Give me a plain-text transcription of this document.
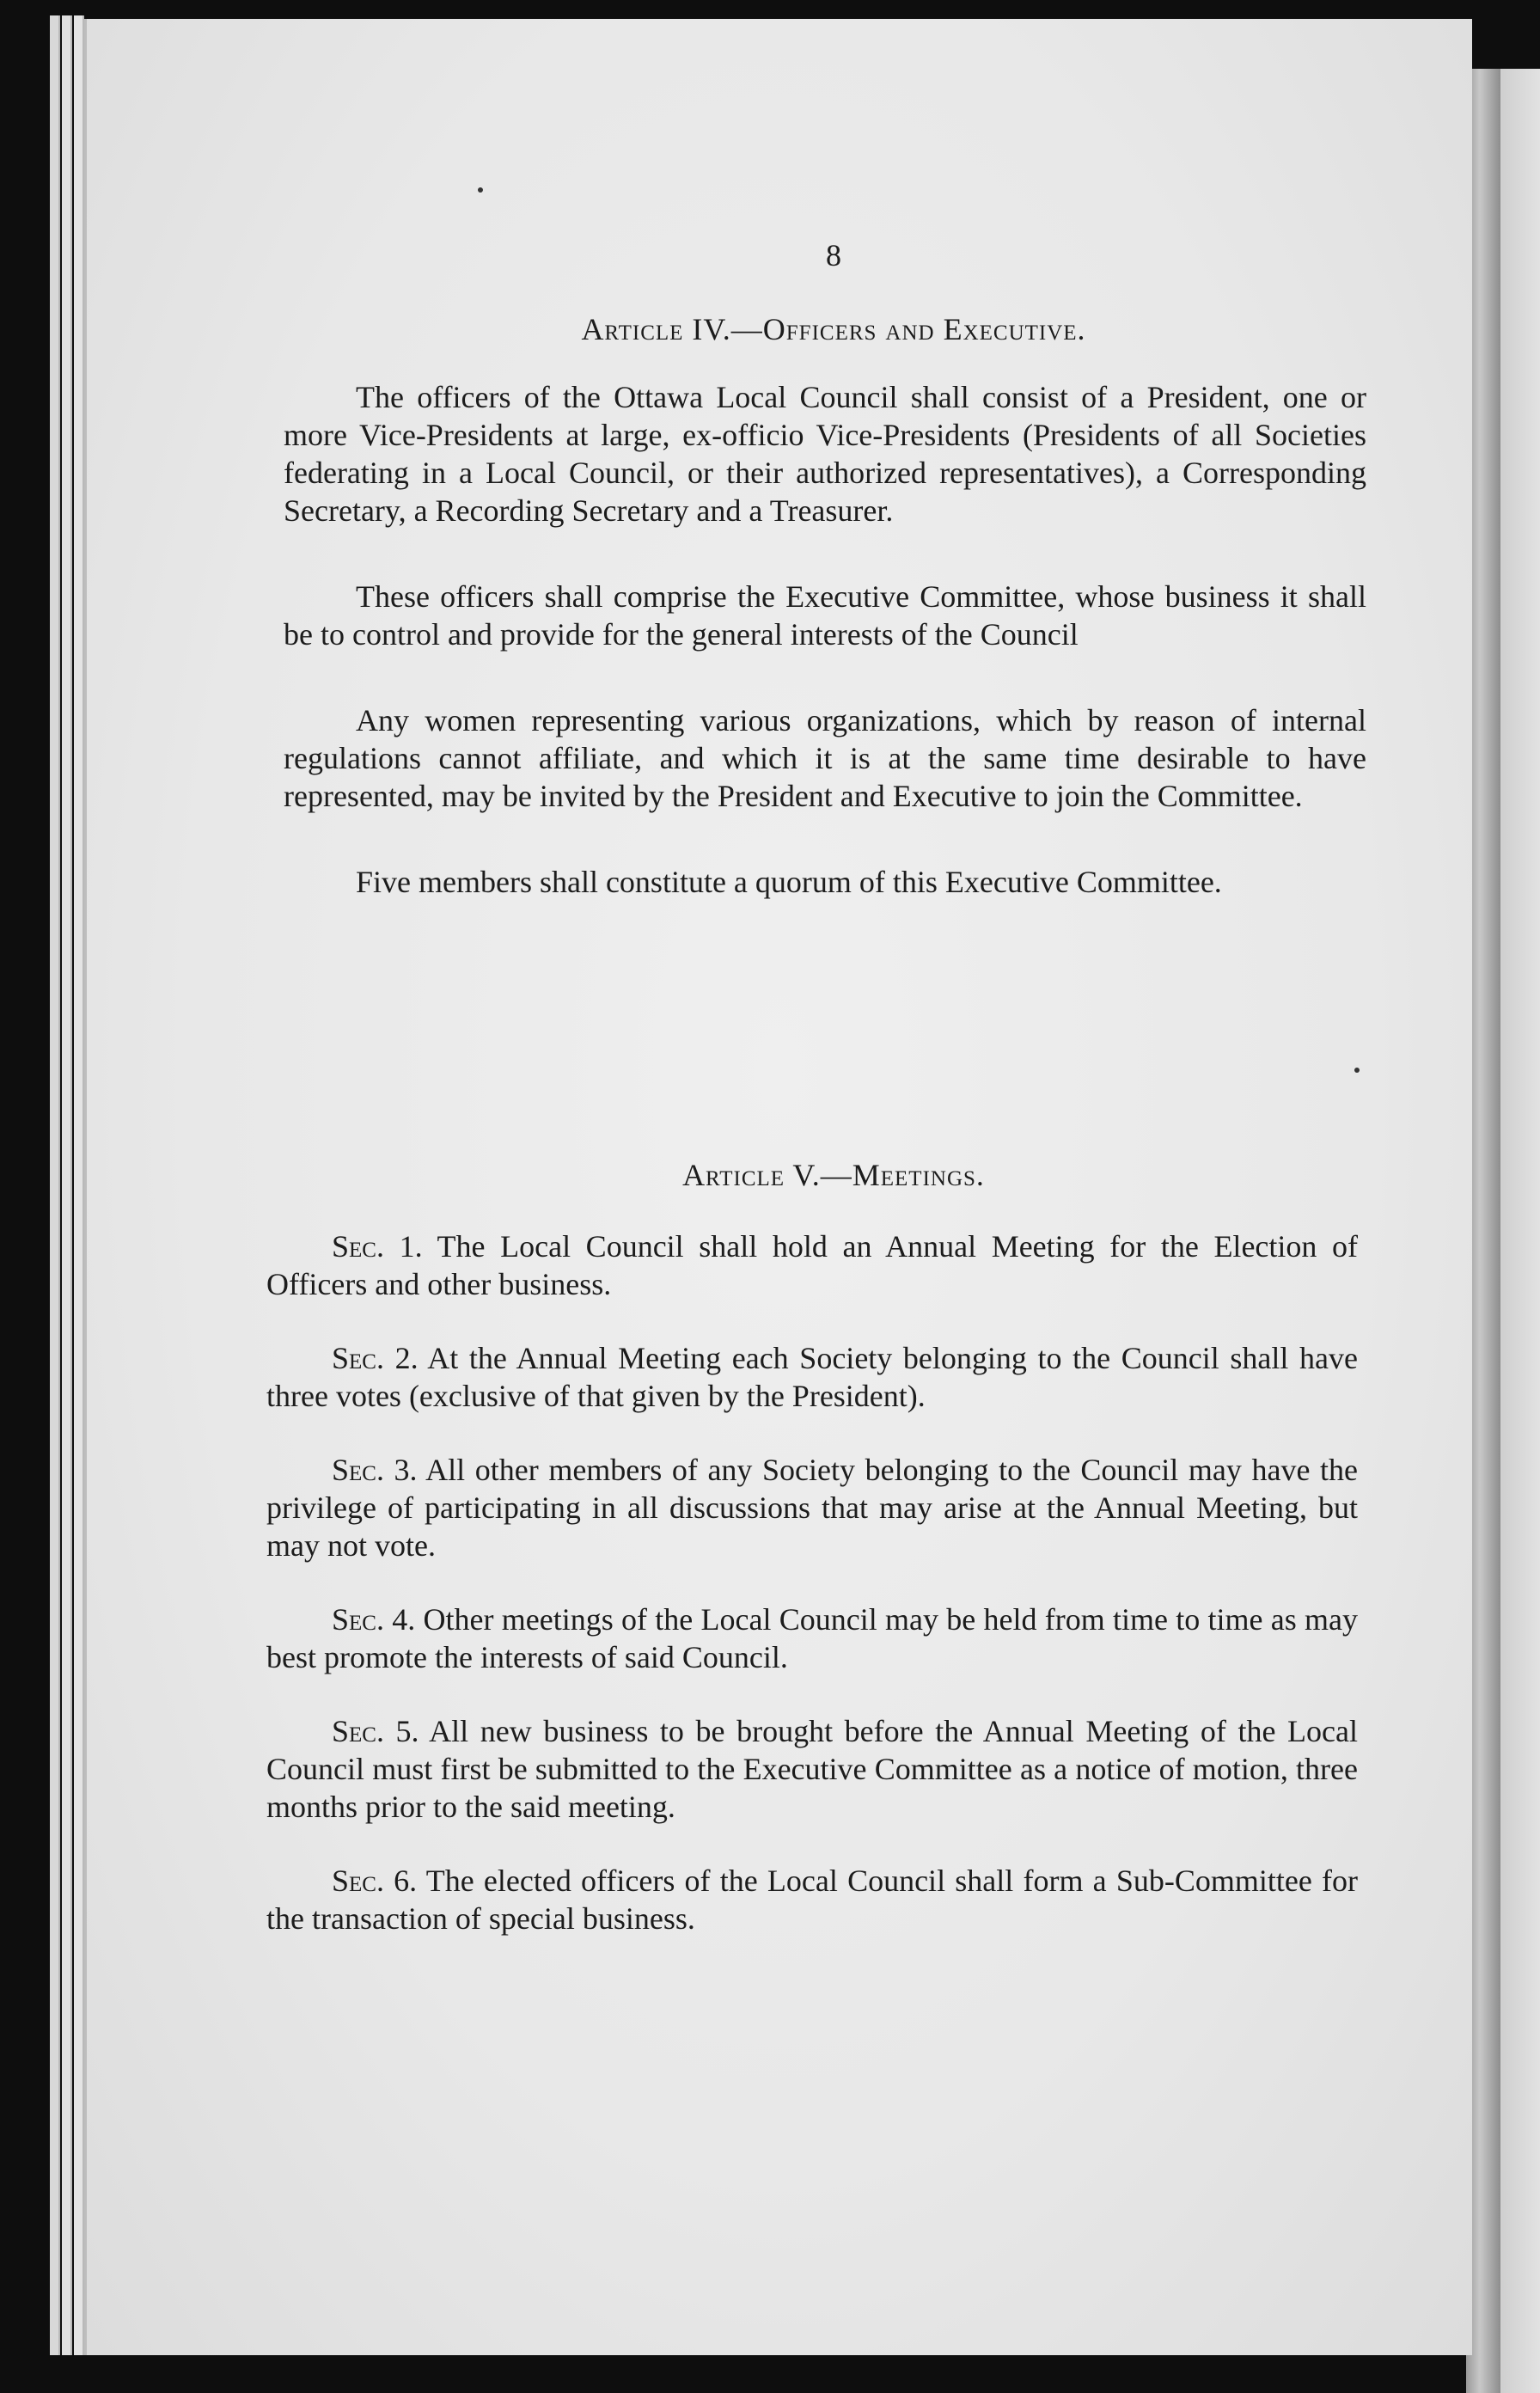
8
Article IV.—Officers and Executive.

The officers of the Ottawa Local Council shall consist of a President, one or more Vice-Presidents at large, ex-officio Vice-Presidents (Presidents of all Societies federating in a Local Council, or their authorized representatives), a Corresponding Secretary, a Recording Secretary and a Treasurer.

These officers shall comprise the Executive Committee, whose business it shall be to control and provide for the general interests of the Council

Any women representing various organizations, which by reason of internal regulations cannot affiliate, and which it is at the same time desirable to have represented, may be invited by the President and Executive to join the Committee.

Five members shall constitute a quorum of this Executive Committee.

Article V.—Meetings.

Sec. 1. The Local Council shall hold an Annual Meeting for the Election of Officers and other business.

Sec. 2. At the Annual Meeting each Society belonging to the Council shall have three votes (exclusive of that given by the President).

Sec. 3. All other members of any Society belonging to the Council may have the privilege of participating in all discussions that may arise at the Annual Meeting, but may not vote.

Sec. 4. Other meetings of the Local Council may be held from time to time as may best promote the interests of said Council.

Sec. 5. All new business to be brought before the Annual Meeting of the Local Council must first be submitted to the Executive Committee as a notice of motion, three months prior to the said meeting.

Sec. 6. The elected officers of the Local Council shall form a Sub-Committee for the transaction of special business.
